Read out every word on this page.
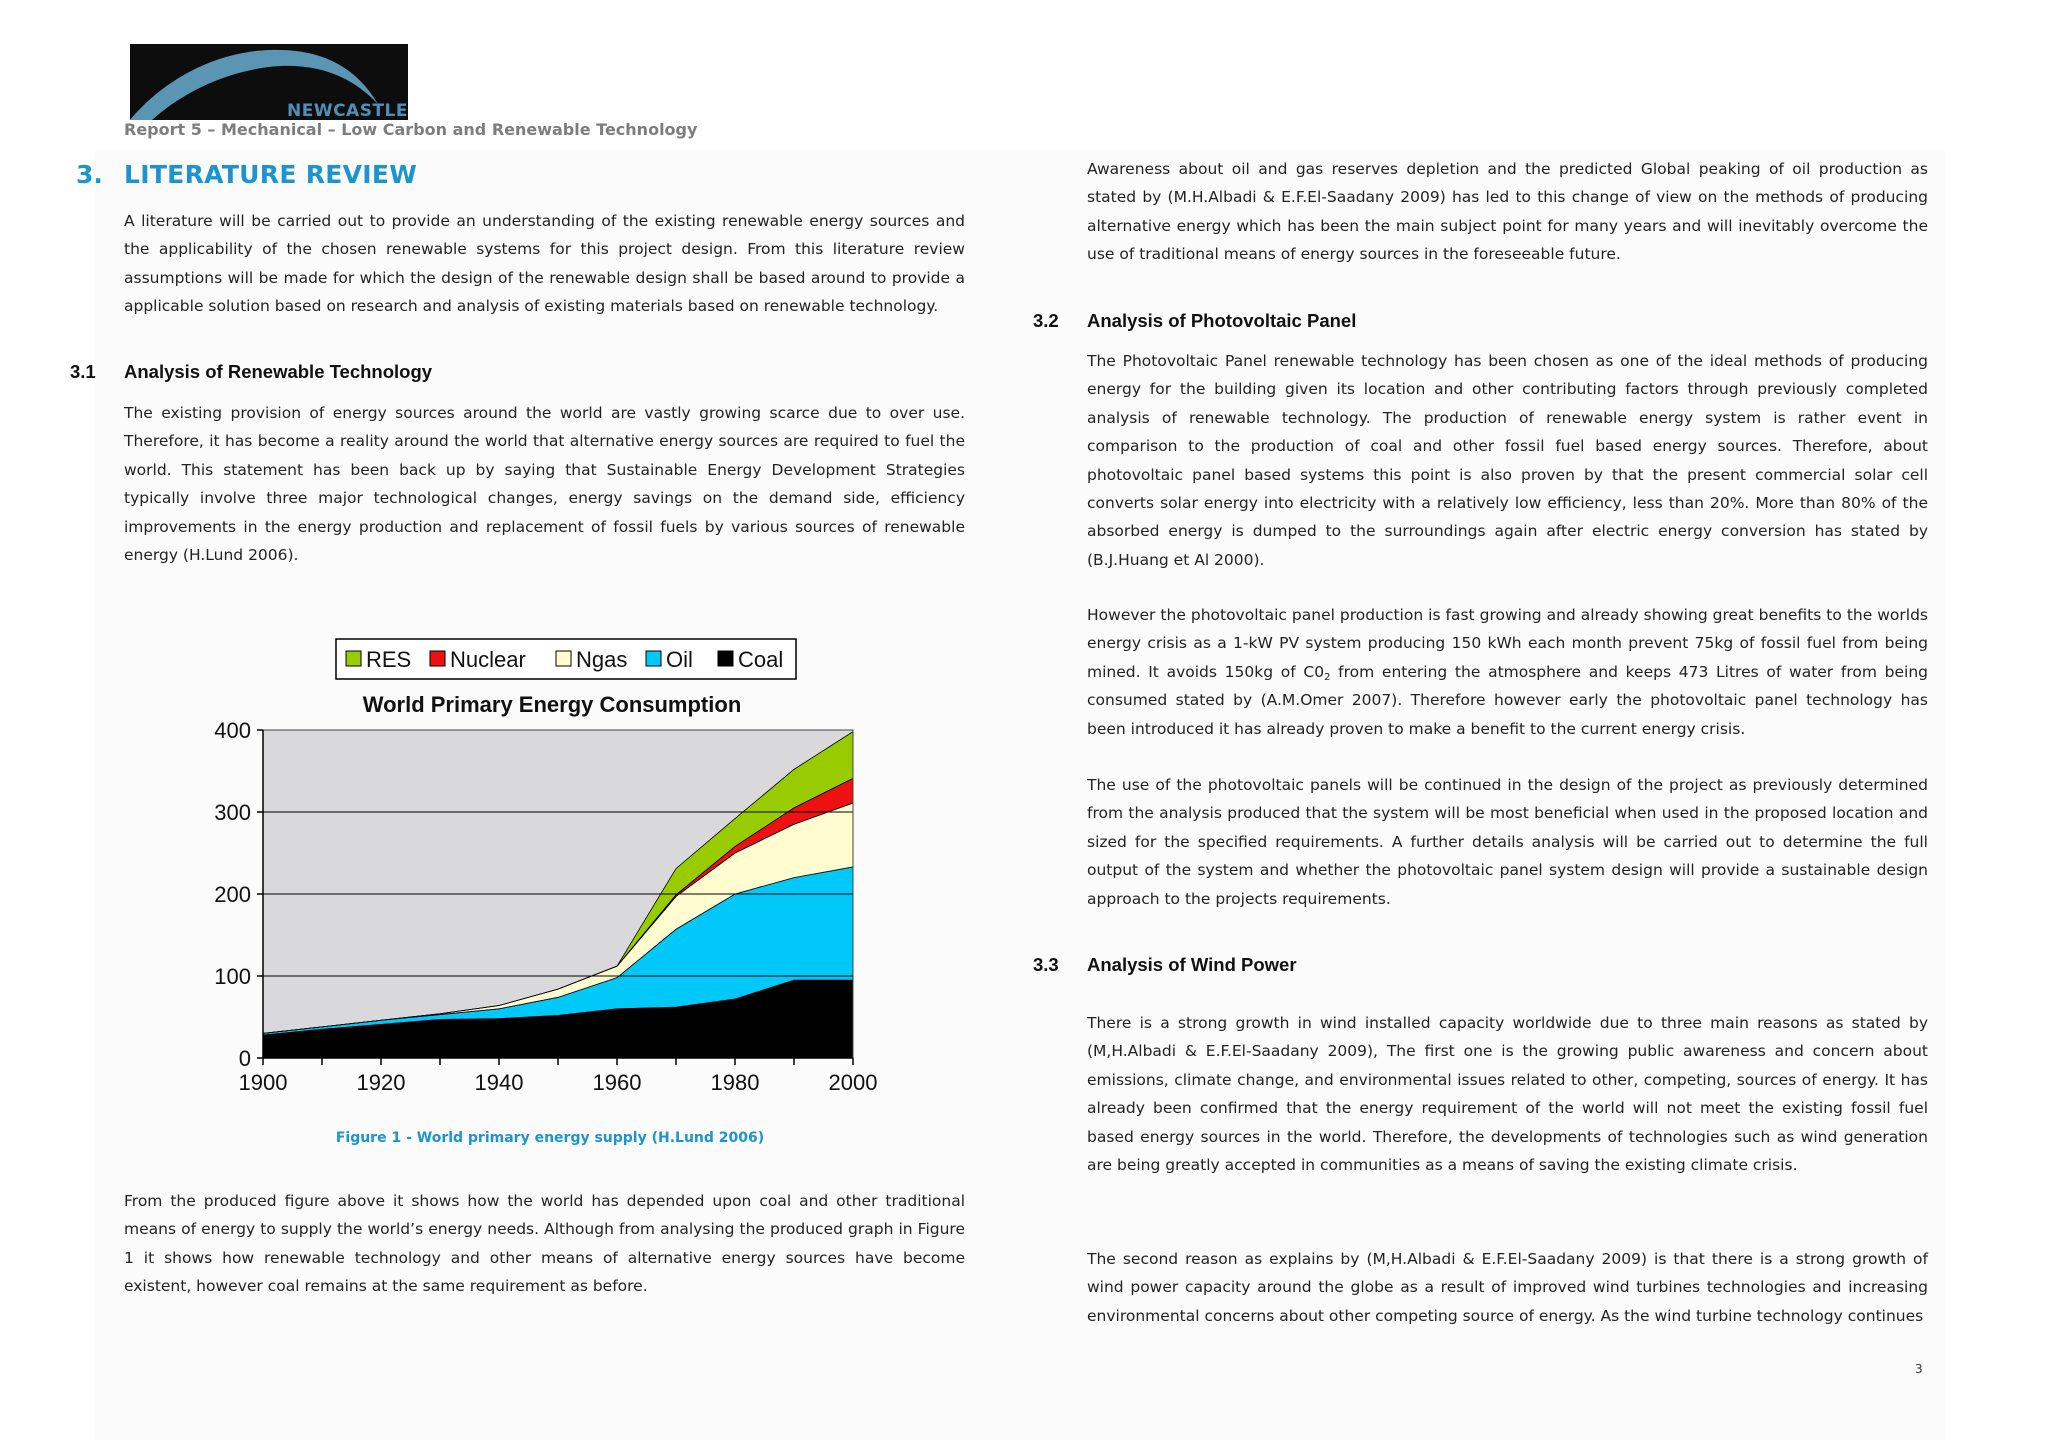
NEWCASTLE
Report 5 – Mechanical – Low Carbon and Renewable Technology
3. LITERATURE REVIEW

A literature will be carried out to provide an understanding of the existing renewable energy sources and the applicability of the chosen renewable systems for this project design. From this literature review assumptions will be made for which the design of the renewable design shall be based around to provide a applicable solution based on research and analysis of existing materials based on renewable technology.

3.1 Analysis of Renewable Technology

The existing provision of energy sources around the world are vastly growing scarce due to over use. Therefore, it has become a reality around the world that alternative energy sources are required to fuel the world. This statement has been back up by saying that Sustainable Energy Development Strategies typically involve three major technological changes, energy savings on the demand side, efficiency improvements in the energy production and replacement of fossil fuels by various sources of renewable energy (H.Lund 2006).

0
100
200
300
400
1900	1920	1940	1960	1980	2000
World Primary Energy Consumption
RES Nuclear Ngas Oil Coal
Figure 1 - World primary energy supply (H.Lund 2006)

From the produced figure above it shows how the world has depended upon coal and other traditional means of energy to supply the world’s energy needs. Although from analysing the produced graph in Figure 1 it shows how renewable technology and other means of alternative energy sources have become existent, however coal remains at the same requirement as before.

Awareness about oil and gas reserves depletion and the predicted Global peaking of oil production as stated by (M.H.Albadi & E.F.El-Saadany 2009) has led to this change of view on the methods of producing alternative energy which has been the main subject point for many years and will inevitably overcome the use of traditional means of energy sources in the foreseeable future.

3.2 Analysis of Photovoltaic Panel

The Photovoltaic Panel renewable technology has been chosen as one of the ideal methods of producing energy for the building given its location and other contributing factors through previously completed analysis of renewable technology. The production of renewable energy system is rather event in comparison to the production of coal and other fossil fuel based energy sources. Therefore, about photovoltaic panel based systems this point is also proven by that the present commercial solar cell converts solar energy into electricity with a relatively low efficiency, less than 20%. More than 80% of the absorbed energy is dumped to the surroundings again after electric energy conversion has stated by (B.J.Huang et Al 2000).

However the photovoltaic panel production is fast growing and already showing great benefits to the worlds energy crisis as a 1-kW PV system producing 150 kWh each month prevent 75kg of fossil fuel from being mined. It avoids 150kg of $C0_2$ from entering the atmosphere and keeps 473 Litres of water from being consumed stated by (A.M.Omer 2007). Therefore however early the photovoltaic panel technology has been introduced it has already proven to make a benefit to the current energy crisis.

The use of the photovoltaic panels will be continued in the design of the project as previously determined from the analysis produced that the system will be most beneficial when used in the proposed location and sized for the specified requirements. A further details analysis will be carried out to determine the full output of the system and whether the photovoltaic panel system design will provide a sustainable design approach to the projects requirements.

3.3 Analysis of Wind Power

There is a strong growth in wind installed capacity worldwide due to three main reasons as stated by (M,H.Albadi & E.F.El-Saadany 2009), The first one is the growing public awareness and concern about emissions, climate change, and environmental issues related to other, competing, sources of energy. It has already been confirmed that the energy requirement of the world will not meet the existing fossil fuel based energy sources in the world. Therefore, the developments of technologies such as wind generation are being greatly accepted in communities as a means of saving the existing climate crisis.

The second reason as explains by (M,H.Albadi & E.F.El-Saadany 2009) is that there is a strong growth of wind power capacity around the globe as a result of improved wind turbines technologies and increasing environmental concerns about other competing source of energy. As the wind turbine technology continues

3
